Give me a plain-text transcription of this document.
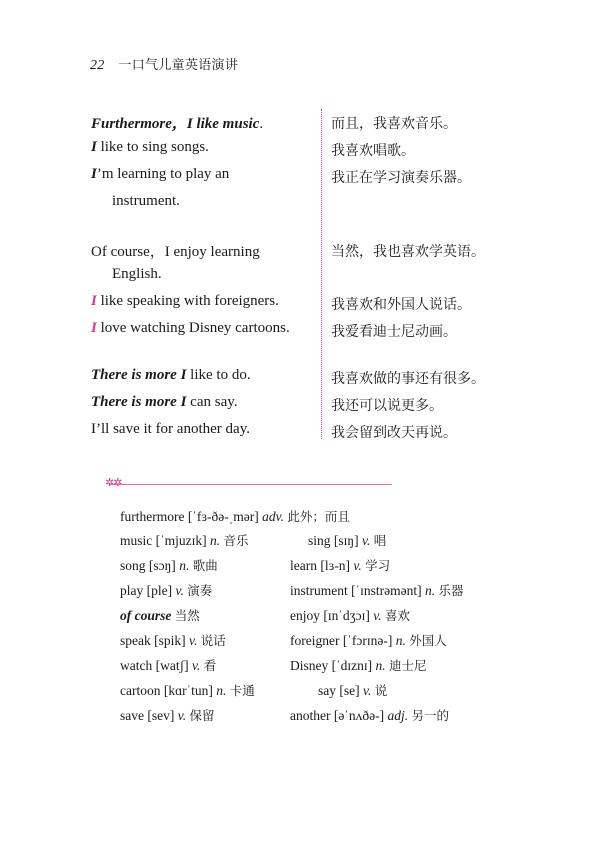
22 一口气儿童英语演讲
Furthermore，I like music.	而且，我喜欢音乐。
I like to sing songs.	我喜欢唱歌。
I’m learning to play an	我正在学习演奏乐器。
instrument.
Of course，I enjoy learning	当然，我也喜欢学英语。
English.
I like speaking with foreigners.	我喜欢和外国人说话。
I love watching Disney cartoons.	我爱看迪士尼动画。
There is more I like to do.	我喜欢做的事还有很多。
There is more I can say.	我还可以说更多。
I’ll save it for another day.	我会留到改天再说。
✲✲
furthermore [ˈfɜ-ðə-ˌmər] adv. 此外；而且
music [ˈmjuzɪk] n. 音乐	sing [sɪŋ] v. 唱
song [sɔŋ] n. 歌曲	learn [lɜ-n] v. 学习
play [ple] v. 演奏	instrument [ˈɪnstrəmənt] n. 乐器
of course 当然	enjoy [ɪnˈdʒɔɪ] v. 喜欢
speak [spik] v. 说话	foreigner [ˈfɔrɪnə-] n. 外国人
watch [watʃ] v. 看	Disney [ˈdɪznɪ] n. 迪士尼
cartoon [kɑrˈtun] n. 卡通	say [se] v. 说
save [sev] v. 保留	another [əˈnʌðə-] adj. 另一的
